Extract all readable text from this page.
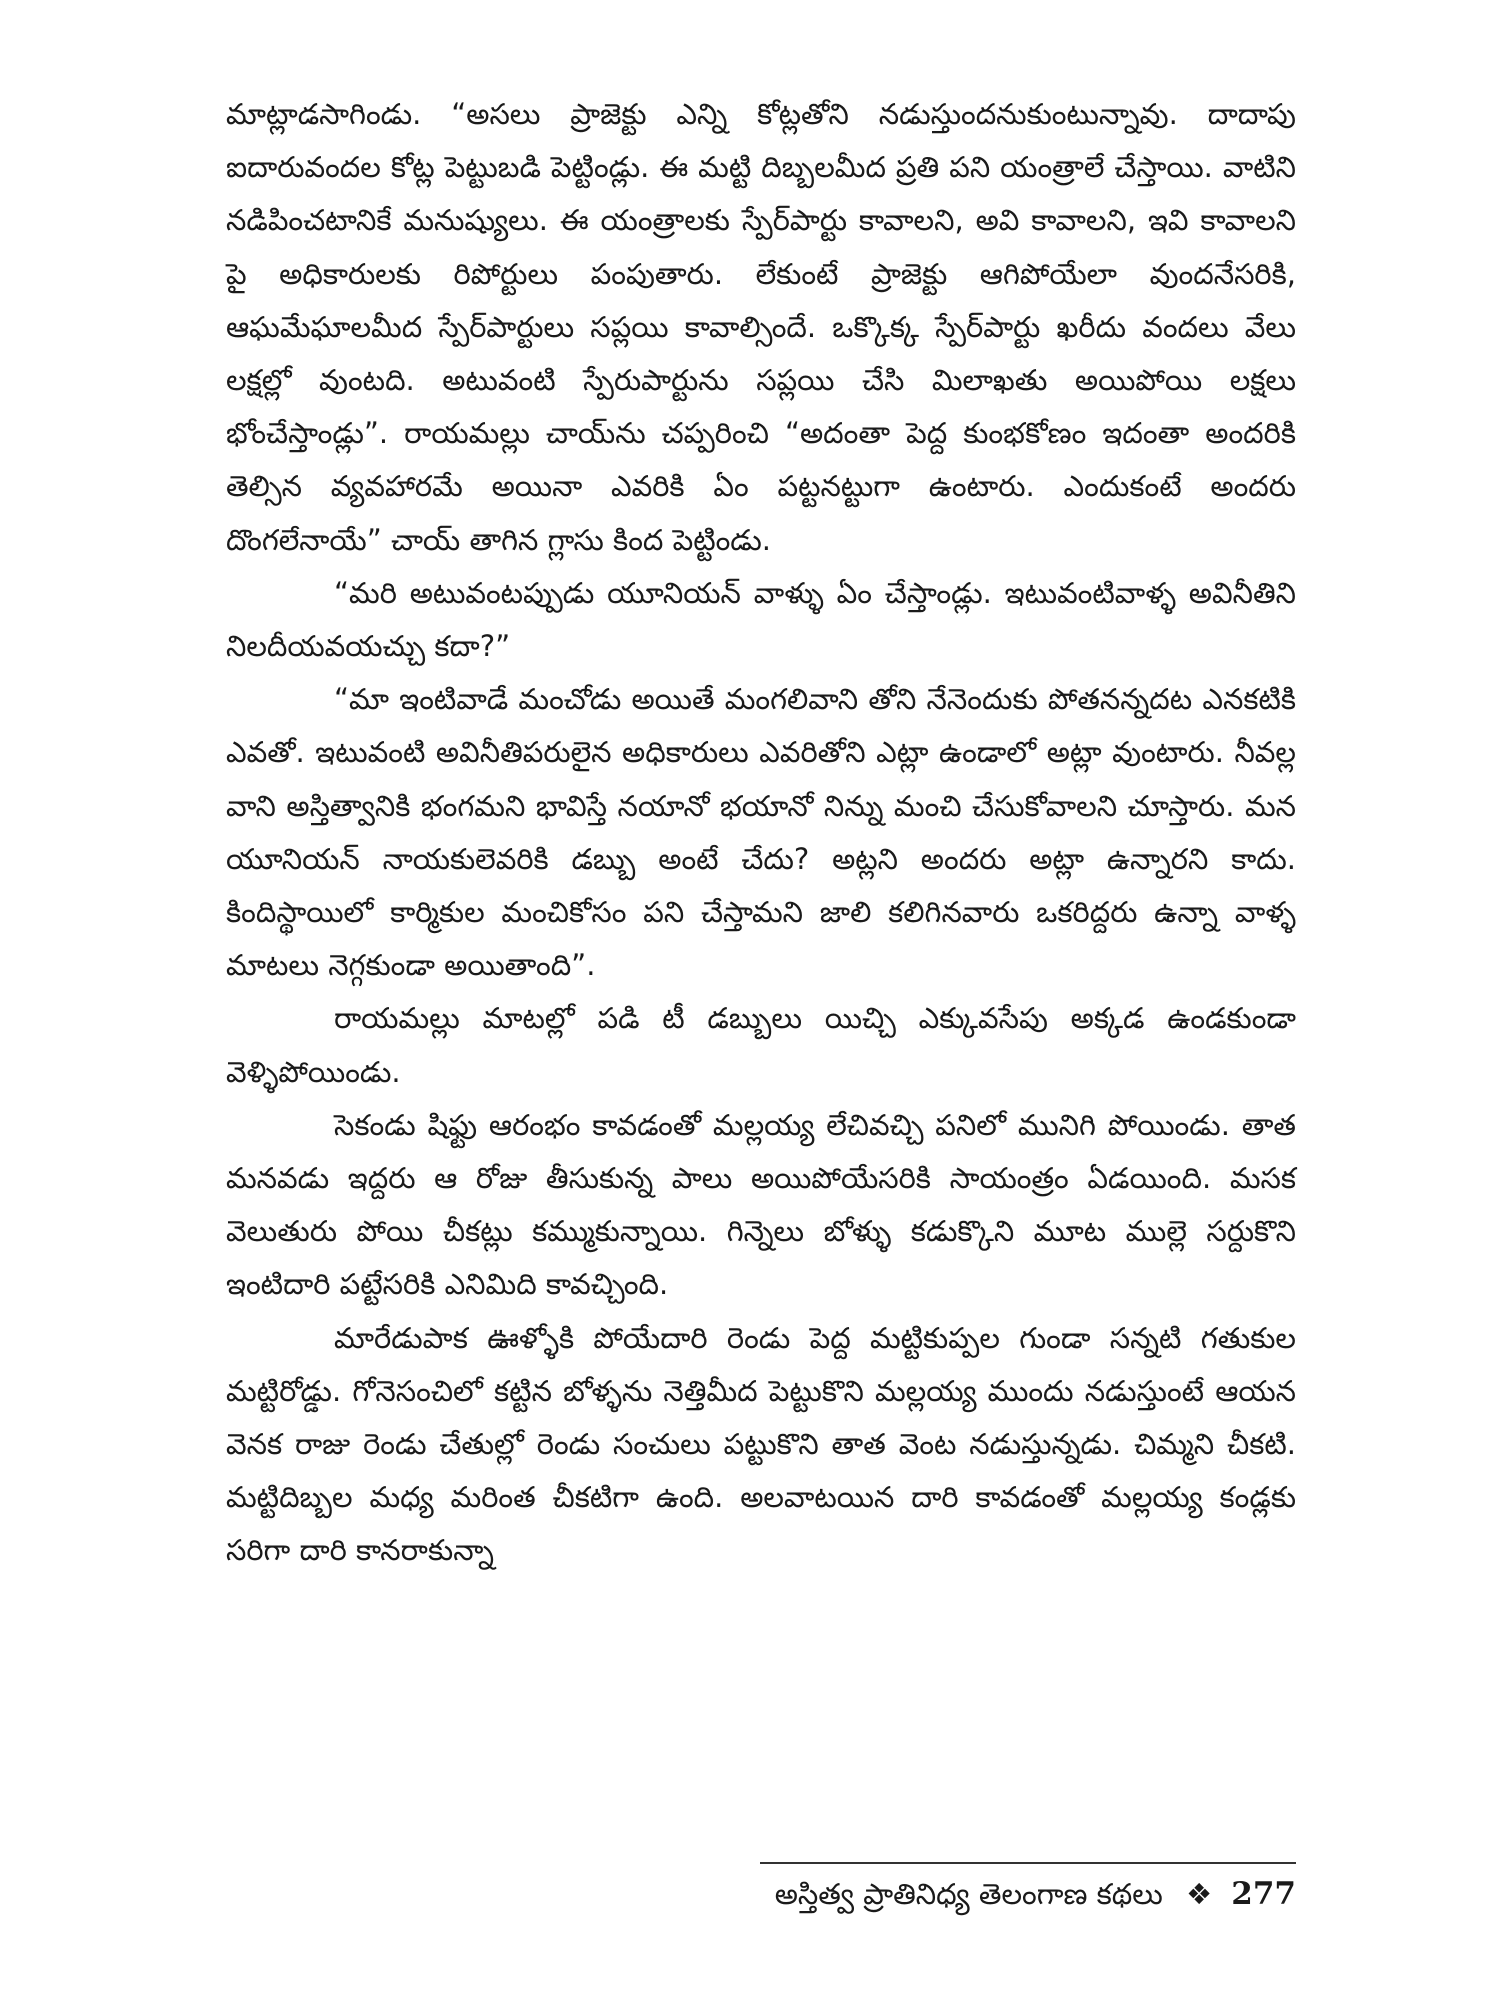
మాట్లాడసాగిండు. “అసలు ప్రాజెక్టు ఎన్ని కోట్లతోని నడుస్తుందనుకుంటున్నావు. దాదాపు ఐదారువందల కోట్ల పెట్టుబడి పెట్టిండ్లు. ఈ మట్టి దిబ్బలమీద ప్రతి పని యంత్రాలే చేస్తాయి. వాటిని నడిపించటానికే మనుష్యులు. ఈ యంత్రాలకు స్పేర్‌పార్టు కావాలని, అవి కావాలని, ఇవి కావాలని పై అధికారులకు రిపోర్టులు పంపుతారు. లేకుంటే ప్రాజెక్టు ఆగిపోయేలా వుందనేసరికి, ఆఘమేఘాలమీద స్పేర్‌పార్టులు సప్లయి కావాల్సిందే. ఒక్కొక్క స్పేర్‌పార్టు ఖరీదు వందలు వేలు లక్షల్లో వుంటది. అటువంటి స్పేరుపార్టును సప్లయి చేసి మిలాఖతు అయిపోయి లక్షలు భోంచేస్తాండ్లు”. రాయమల్లు చాయ్‌ను చప్పరించి “అదంతా పెద్ద కుంభకోణం ఇదంతా అందరికి తెల్సిన వ్యవహారమే అయినా ఎవరికి ఏం పట్టనట్టుగా ఉంటారు. ఎందుకంటే అందరు దొంగలేనాయే” చాయ్ తాగిన గ్లాసు కింద పెట్టిండు.

“మరి అటువంటప్పుడు యూనియన్ వాళ్ళు ఏం చేస్తాండ్లు. ఇటువంటివాళ్ళ అవినీతిని నిలదీయవయచ్చు కదా?”

“మా ఇంటివాడే మంచోడు అయితే మంగలివాని తోని నేనెందుకు పోతనన్నదట ఎనకటికి ఎవతో. ఇటువంటి అవినీతిపరులైన అధికారులు ఎవరితోని ఎట్లా ఉండాలో అట్లా వుంటారు. నీవల్ల వాని అస్తిత్వానికి భంగమని భావిస్తే నయానో భయానో నిన్ను మంచి చేసుకోవాలని చూస్తారు. మన యూనియన్ నాయకులెవరికి డబ్బు అంటే చేదు? అట్లని అందరు అట్లా ఉన్నారని కాదు. కిందిస్థాయిలో కార్మికుల మంచికోసం పని చేస్తామని జాలి కలిగినవారు ఒకరిద్దరు ఉన్నా వాళ్ళ మాటలు నెగ్గకుండా అయితాంది”.

రాయమల్లు మాటల్లో పడి టీ డబ్బులు యిచ్చి ఎక్కువసేపు అక్కడ ఉండకుండా వెళ్ళిపోయిండు.

సెకండు షిఫ్టు ఆరంభం కావడంతో మల్లయ్య లేచివచ్చి పనిలో మునిగి పోయిండు. తాత మనవడు ఇద్దరు ఆ రోజు తీసుకున్న పాలు అయిపోయేసరికి సాయంత్రం ఏడయింది. మసక వెలుతురు పోయి చీకట్లు కమ్ముకున్నాయి. గిన్నెలు బోళ్ళు కడుక్కొని మూట ముల్లె సర్దుకొని ఇంటిదారి పట్టేసరికి ఎనిమిది కావచ్చింది.

మారేడుపాక ఊళ్ళోకి పోయేదారి రెండు పెద్ద మట్టికుప్పల గుండా సన్నటి గతుకుల మట్టిరోడ్డు. గోనెసంచిలో కట్టిన బోళ్ళను నెత్తిమీద పెట్టుకొని మల్లయ్య ముందు నడుస్తుంటే ఆయన వెనక రాజు రెండు చేతుల్లో రెండు సంచులు పట్టుకొని తాత వెంట నడుస్తున్నడు. చిమ్మని చీకటి. మట్టిదిబ్బల మధ్య మరింత చీకటిగా ఉంది. అలవాటయిన దారి కావడంతో మల్లయ్య కండ్లకు సరిగా దారి కానరాకున్నా

అస్తిత్వ ప్రాతినిధ్య తెలంగాణ కథలు ❖ 277
